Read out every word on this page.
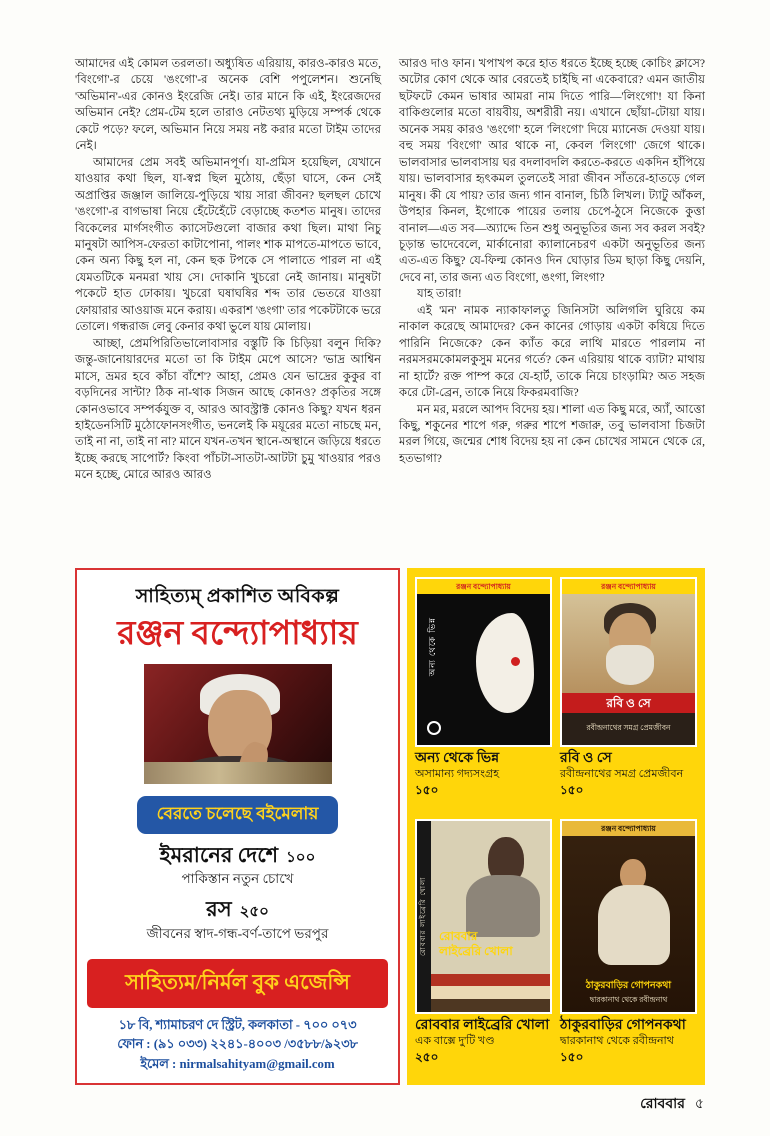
আমাদের এই কোমল তরলতা। অধ্যুষিত এরিয়ায়, কারও-কারও মতে, 'বিংগো'-র চেয়ে 'ঙংগো'-র অনেক বেশি পপুলেশন। শুনেছি 'অভিমান'-এর কোনও ইংরেজি নেই। তার মানে কি এই, ইংরেজদের অভিমান নেই? প্রেম-টেম হলে তারাও নেটতথ্য মুড়িয়ে সম্পর্ক থেকে কেটে পড়ে? ফলে, অভিমান নিয়ে সময় নষ্ট করার মতো টাইম তাদের নেই।

আমাদের প্রেম সবই অভিমানপূর্ণ। যা-প্রমিস হয়েছিল, যেখানে যাওয়ার কথা ছিল, যা-স্বপ্ন ছিল মুঠোয়, ছেঁড়া ঘাসে, কেন সেই অপ্রাপ্তির জঞ্জাল জালিয়ে-পুড়িয়ে খায় সারা জীবন? ছলছল চোখে 'ঙংগো'-র বাগভাষা নিয়ে হেঁটেহেঁটে বেড়াচ্ছে কতশত মানুষ। তাদের বিকেলের মার্গসংগীত ক্যাসেটগুলো বাজার কথা ছিল। মাথা নিচু মানুষটা আপিস-ফেরতা কাটাপোনা, পালং শাক মাপতে-মাপতে ভাবে, কেন অন্য কিছু হল না, কেন ছক টপকে সে পালাতে পারল না এই যেমতটিকে মনমরা খায় সে। দোকানি খুচরো নেই জানায়। মানুষটা পকেটে হাত ঢোকায়। খুচরো ঘষাঘষির শব্দ তার ভেতরে যাওয়া ফোয়ারার আওয়াজ মনে করায়। একরাশ 'ঙংগা' তার পকেটটাকে ভরে তোলে। গন্ধরাজ লেবু কেনার কথা ভুলে যায় মোলায়।

আচ্ছা, প্রেমপিরিতিভালোবাসার বস্তুটি কি চিড়িয়া বলুন দিকি? জন্তু-জানোয়ারদের মতো তা কি টাইম মেপে আসে? 'ভাদ্র আশ্বিন মাসে, ভ্রমর হবে কাঁচা বাঁশে'? আহা, প্রেমও যেন ভাদ্রের কুকুর বা বড়দিনের সান্টা? ঠিক না-থাক সিজন আছে কোনও? প্রকৃতির সঙ্গে কোনওভাবে সম্পর্কযুক্ত ব, আরও আবস্ট্রাক্ট কোনও কিছু? যখন ধরন হাইডেনসিটি মুঠোফোনসংগীত, ভনলেই কি ময়ূরের মতো নাচছে মন, তাই না না, তাই না না? মানে যখন-তখন স্থানে-অস্থানে জড়িয়ে ধরতে ইচ্ছে করছে সাপোর্ট? কিংবা পাঁচটা-সাতটা-আটটা চুমু খাওয়ার পরও মনে হচ্ছে, মোরে আরও আরও

আরও দাও ফান। খপাখপ করে হাত ধরতে ইচ্ছে হচ্ছে কোচিং ক্লাসে? অটোর কোণ থেকে আর বেরতেই চাইছি না একেবারে? এমন জাতীয় ছটফটে কেমন ভাষার আমরা নাম দিতে পারি—'লিংগো'! যা কিনা বাকিগুলোর মতো বায়বীয়, অশরীরী নয়। এখানে ছোঁয়া-টোয়া যায়। অনেক সময় কারও 'ঙংগো' হলে 'লিংগো' দিয়ে ম্যানেজ দেওয়া যায়। বহু সময় 'বিংগো' আর থাকে না, কেবল 'লিংগো' জেগে থাকে। ভালবাসার ভালবাসায় ঘর বদলাবদলি করতে-করতে একদিন হাঁপিয়ে যায়। ভালবাসার হৃৎকমল তুলতেই সারা জীবন সাঁতরে-হাতড়ে গেল মানুষ। কী যে পায়? তার জন্য গান বানাল, চিঠি লিখল। ট্যাটু আঁকল, উপহার কিনল, ইগোকে পায়ের তলায় চেপে-ঠুসে নিজেকে কুত্তা বানাল—এত সব—অ্যাদ্দে তিন শুধু অনুভূতির জন্য সব করল সবই? চূড়ান্ত ভাদেবেলে, মার্কানোরা ক্যালানেচরণ একটা অনুভূতির জন্য এত-এত কিছু? যে-ফিল্ম কোনও দিন ঘোড়ার ডিম ছাড়া কিছু দেয়নি, দেবে না, তার জন্য এত বিংগো, ঙংগা, লিংগা?

যাহ তারা!

এই 'মন' নামক ন্যাকাফালতু জিনিসটা অলিগলি ঘুরিয়ে কম নাকাল করেছে আমাদের? কেন কানের গোড়ায় একটা কষিয়ে দিতে পারিনি নিজেকে? কেন ক্যাঁত করে লাথি মারতে পারলাম না নরমসরমকোমলকুসুম মনের গর্তে? কেন এরিয়ায় থাকে ব্যাটা? মাথায় না হার্টে? রক্ত পাম্প করে যে-হার্ট, তাকে নিয়ে চাংড়ামি? অত সহজ করে টো-ব্রেন, তাকে নিয়ে ফিকরমবাজি?

মন মর, মরলে আপদ বিদেয় হয়। শালা এত কিছু মরে, অ্যাঁ, আত্তো কিছু, শকুনের শাপে গরু, গরুর শাপে শজারু, তবু ভালবাসা চিজটা মরল গিয়ে, জন্মের শোধ বিদেয় হয় না কেন চোখের সামনে থেকে রে, হতভাগা?

সাহিত্যম্ প্রকাশিত অবিকল্প
রঞ্জন বন্দ্যোপাধ্যায়
বেরতে চলেছে বইমেলায়
ইমরানের দেশে ১০০
পাকিস্তান নতুন চোখে
রস ২৫০
জীবনের স্বাদ-গন্ধ-বর্ণ-তাপে ভরপুর
সাহিত্যম/নির্মল বুক এজেন্সি
১৮ বি, শ্যামাচরণ দে স্ট্রিট, কলকাতা - ৭০০ ০৭৩
ফোন : (৯১ ০৩৩) ২২৪১-৪০০৩ /৩৫৮৮/৯২৩৮
ইমেল : nirmalsahityam@gmail.com
রঞ্জন বন্দ্যোপাধ্যায়
অন্য থেকে ভিন্ন
অন্য থেকে ভিন্ন
অসামান্য গদ্যসংগ্রহ
১৫০
রঞ্জন বন্দ্যোপাধ্যায়
রবি ও সে
রবীন্দ্রনাথের সমগ্র প্রেমজীবন
রবি ও সে
রবীন্দ্রনাথের সমগ্র প্রেমজীবন
১৫০
রোববার লাইব্রেরি খোলা	রোববার লাইব্রেরি খোলা
রোববার লাইব্রেরি খোলা
এক বাক্সে দু'টি খণ্ড
২৫০
রঞ্জন বন্দ্যোপাধ্যায়
ঠাকুরবাড়ির গোপনকথা
দ্বারকানাথ থেকে রবীন্দ্রনাথ
ঠাকুরবাড়ির গোপনকথা
দ্বারকানাথ থেকে রবীন্দ্রনাথ
১৫০
রোববার ৫
